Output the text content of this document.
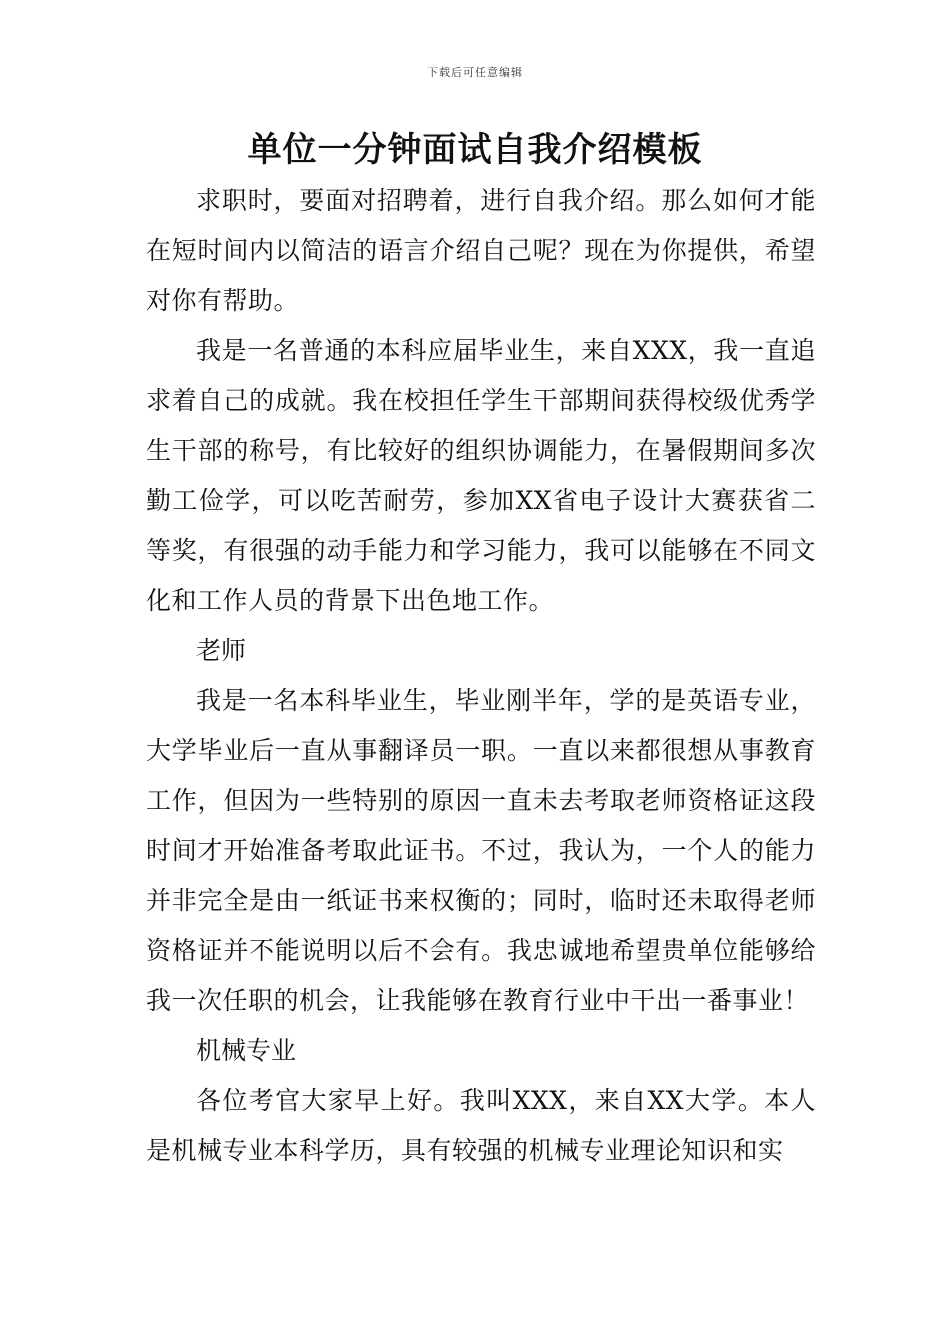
下载后可任意编辑
单位一分钟面试自我介绍模板

求职时，要面对招聘着，进行自我介绍。那么如何才能在短时间内以简洁的语言介绍自己呢？现在为你提供，希望对你有帮助。

我是一名普通的本科应届毕业生，来自XXX，我一直追求着自己的成就。我在校担任学生干部期间获得校级优秀学生干部的称号，有比较好的组织协调能力，在暑假期间多次勤工俭学，可以吃苦耐劳，参加XX省电子设计大赛获省二等奖，有很强的动手能力和学习能力，我可以能够在不同文化和工作人员的背景下出色地工作。

老师

我是一名本科毕业生，毕业刚半年，学的是英语专业，大学毕业后一直从事翻译员一职。一直以来都很想从事教育工作，但因为一些特别的原因一直未去考取老师资格证这段时间才开始准备考取此证书。不过，我认为，一个人的能力并非完全是由一纸证书来权衡的；同时，临时还未取得老师资格证并不能说明以后不会有。我忠诚地希望贵单位能够给我一次任职的机会，让我能够在教育行业中干出一番事业！

机械专业

各位考官大家早上好。我叫XXX，来自XX大学。本人是机械专业本科学历，具有较强的机械专业理论知识和实
